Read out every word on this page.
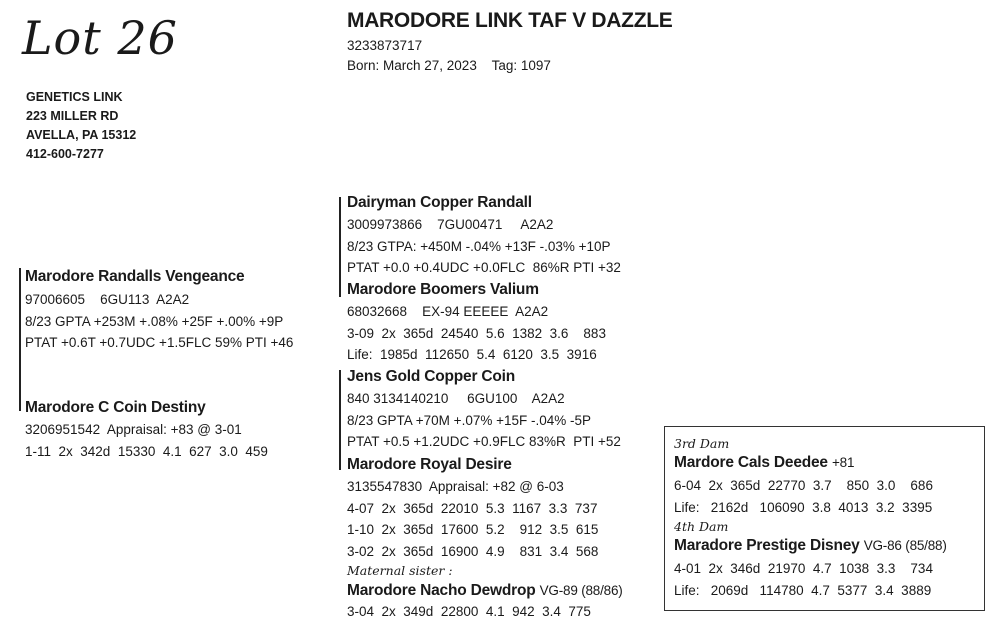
Lot 26	MARODORE LINK TAF V DAZZLE
3233873717
Born: March 27, 2023    Tag: 1097
GENETICS LINK
223 MILLER RD
AVELLA, PA 15312
412-600-7277
Marodore Randalls Vengeance
97006605    6GU113  A2A2
8/23 GPTA +253M +.08% +25F +.00% +9P
PTAT +0.6T +0.7UDC +1.5FLC 59% PTI +46
Marodore C Coin Destiny
3206951542  Appraisal: +83 @ 3-01
1-11  2x  342d  15330  4.1  627  3.0  459
Dairyman Copper Randall
3009973866    7GU00471     A2A2
8/23 GTPA: +450M -.04% +13F -.03% +10P
PTAT +0.0 +0.4UDC +0.0FLC  86%R PTI +32
Marodore Boomers Valium
68032668    EX-94 EEEEE  A2A2
3-09  2x  365d  24540  5.6  1382  3.6    883
Life:  1985d  112650  5.4  6120  3.5  3916
Jens Gold Copper Coin
840 3134140210     6GU100    A2A2
8/23 GPTA +70M +.07% +15F -.04% -5P
PTAT +0.5 +1.2UDC +0.9FLC 83%R  PTI +52
Marodore Royal Desire
3135547830  Appraisal: +82 @ 6-03
4-07  2x  365d  22010  5.3  1167  3.3  737
1-10  2x  365d  17600  5.2    912  3.5  615
3-02  2x  365d  16900  4.9    831  3.4  568
Maternal sister :
Marodore Nacho Dewdrop VG-89 (88/86)
3-04  2x  349d  22800  4.1  942  3.4  775
3rd Dam
Mardore Cals Deedee +81
6-04  2x  365d  22770  3.7    850  3.0    686
Life:   2162d   106090  3.8  4013  3.2  3395
4th Dam
Maradore Prestige Disney VG-86 (85/88)
4-01  2x  346d  21970  4.7  1038  3.3    734
Life:   2069d   114780  4.7  5377  3.4  3889
